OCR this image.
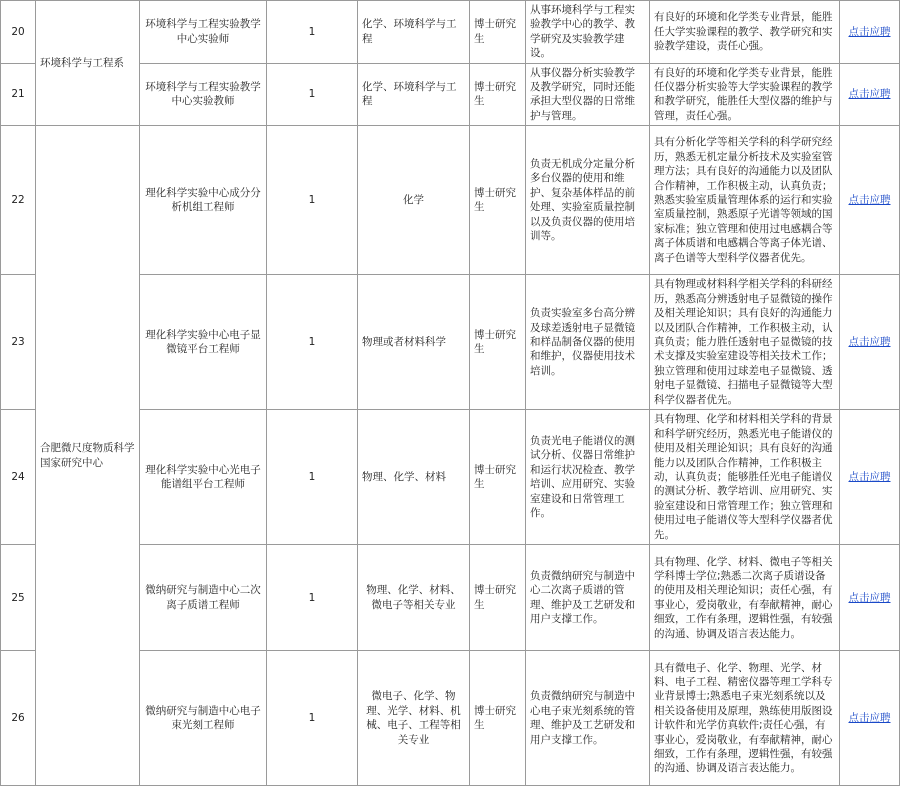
20	环境科学与工程系	环境科学与工程实验教学中心实验师	1	化学、环境科学与工程	博士研究生	从事环境科学与工程实验教学中心的教学、教学研究及实验教学建设。	有良好的环境和化学类专业背景，能胜任大学实验课程的教学、教学研究和实验教学建设，责任心强。	点击应聘
21		环境科学与工程实验教学中心实验教师	1	化学、环境科学与工程	博士研究生	从事仪器分析实验教学及教学研究，同时还能承担大型仪器的日常维护与管理。	有良好的环境和化学类专业背景，能胜任仪器分析实验等大学实验课程的教学和教学研究，能胜任大型仪器的维护与管理，责任心强。	点击应聘
22	合肥微尺度物质科学国家研究中心	理化科学实验中心成分分析机组工程师	1	化学	博士研究生	负责无机成分定量分析多台仪器的使用和维护、复杂基体样品的前处理、实验室质量控制以及负责仪器的使用培训等。	具有分析化学等相关学科的科学研究经历，熟悉无机定量分析技术及实验室管理方法；具有良好的沟通能力以及团队合作精神，工作积极主动，认真负责；熟悉实验室质量管理体系的运行和实验室质量控制，熟悉原子光谱等领域的国家标准；独立管理和使用过电感耦合等离子体质谱和电感耦合等离子体光谱、离子色谱等大型科学仪器者优先。	点击应聘
23		理化科学实验中心电子显微镜平台工程师	1	物理或者材料科学	博士研究生	负责实验室多台高分辨及球差透射电子显微镜和样品制备仪器的使用和维护，仪器使用技术培训。	具有物理或材料科学相关学科的科研经历，熟悉高分辨透射电子显微镜的操作及相关理论知识；具有良好的沟通能力以及团队合作精神，工作积极主动，认真负责；能力胜任透射电子显微镜的技术支撑及实验室建设等相关技术工作；独立管理和使用过球差电子显微镜、透射电子显微镜、扫描电子显微镜等大型科学仪器者优先。	点击应聘
24		理化科学实验中心光电子能谱组平台工程师	1	物理、化学、材料	博士研究生	负责光电子能谱仪的测试分析、仪器日常维护和运行状况检查、教学培训、应用研究、实验室建设和日常管理工作。	具有物理、化学和材料相关学科的背景和科学研究经历，熟悉光电子能谱仪的使用及相关理论知识；具有良好的沟通能力以及团队合作精神，工作积极主动，认真负责；能够胜任光电子能谱仪的测试分析、教学培训、应用研究、实验室建设和日常管理工作；独立管理和使用过电子能谱仪等大型科学仪器者优先。	点击应聘
25		微纳研究与制造中心二次离子质谱工程师	1	物理、化学、材料、微电子等相关专业	博士研究生	负责微纳研究与制造中心二次离子质谱的管理、维护及工艺研发和用户支撑工作。	具有物理、化学、材料、微电子等相关学科博士学位;熟悉二次离子质谱设备的使用及相关理论知识；责任心强，有事业心，爱岗敬业，有奉献精神，耐心细致，工作有条理，逻辑性强，有较强的沟通、协调及语言表达能力。	点击应聘
26		微纳研究与制造中心电子束光刻工程师	1	微电子、化学、物理、光学、材料、机械、电子、工程等相关专业	博士研究生	负责微纳研究与制造中心电子束光刻系统的管理、维护及工艺研发和用户支撑工作。	具有微电子、化学、物理、光学、材料、电子工程、精密仪器等理工学科专业背景博士;熟悉电子束光刻系统以及相关设备使用及原理，熟练使用版图设计软件和光学仿真软件;责任心强，有事业心，爱岗敬业，有奉献精神，耐心细致，工作有条理，逻辑性强，有较强的沟通、协调及语言表达能力。	点击应聘
